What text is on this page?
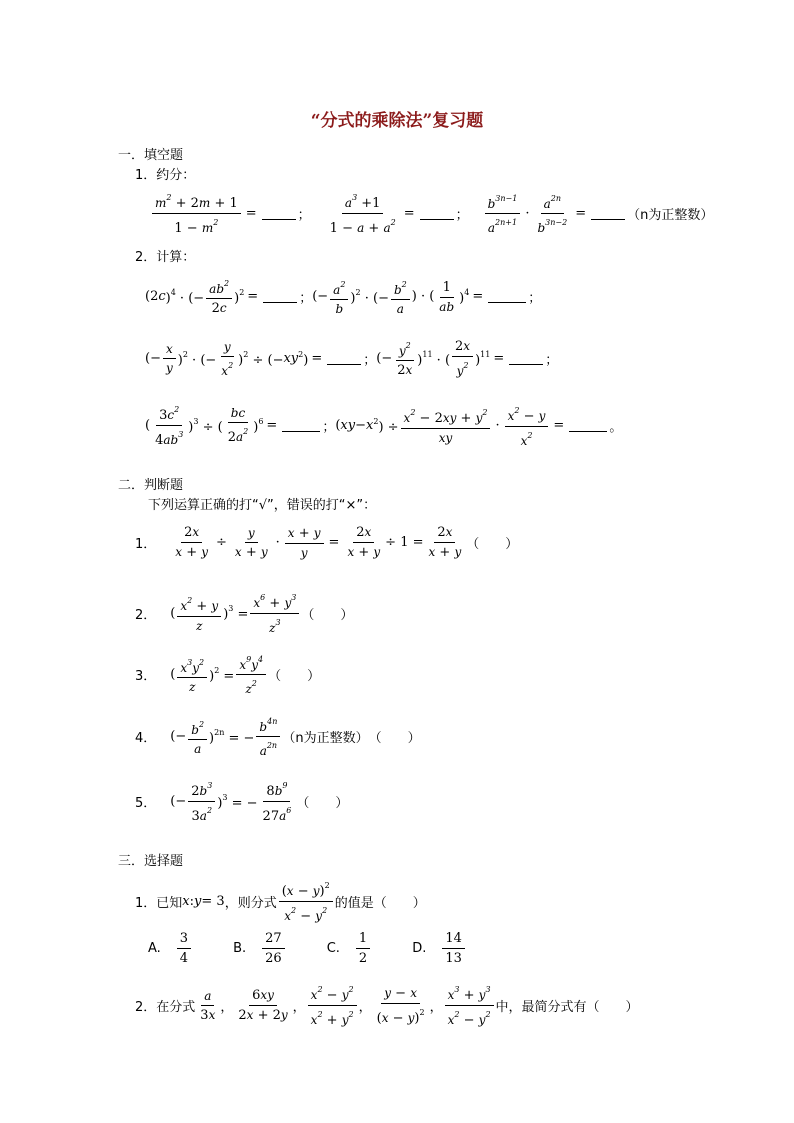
“分式的乘除法”复习题
一．填空题
1．约分：
$\frac{m^2 + 2m + 1}{1 - m^2}$ =	； $\frac{a^3 +1}{1 - a + a^2}$ =	； $\frac{b^{3n-1}}{a^{2n+1}} \cdot \frac{a^{2n}}{b^{3n-2}}$ =	（n为正整数）
2．计算：
(2 c )$^4$ · (− $\frac{ab^2}{2c} )^2$ =	； (− $\frac{a^2}{b} )^2$ · (− $\frac{b^2}{a}$ ) · ( $\frac{1}{ab} )^4$ =	；
(− $\frac{x}{y} )^2$ · (− $\frac{y}{x^2} )^2$ ÷ (− xy $^2$) =	； (− $\frac{y^2}{2x} )^{11}$ · ( $\frac{2x}{y^2} )^{11}$ =	；
( $\frac{3c^2}{4ab^3} )^3$ ÷ ( $\frac{bc}{2a^2} )^6$ =	； ( xy − x $^2) \div \frac{x^2 - 2xy + y^2}{xy} \cdot \frac{x^2 - y}{x^2}$ =	。
二．判断题
下列运算正确的打“√”，错误的打“×”：
1． $\frac{2x}{x + y} \div \frac{y}{x + y} \cdot \frac{x + y}{y} = \frac{2x}{x + y} \div 1 = \frac{2x}{x + y}$ （　　）
2． ( $\frac{x^2 + y}{z} )^3 = \frac{x^6 + y^3}{z^3}$ （　　）
3． ( $\frac{x^3y^2}{z} )^2 = \frac{x^9y^4}{z^2}$ （　　）
4． (− $\frac{b^2}{a} )^{2n}$ = − $\frac{b^{4n}}{a^{2n}} (n$为正整数） （　　）
5． (− $\frac{2b^3}{3a^2} )^3$ = − $\frac{8b^9}{27a^6}$ （　　）
三．选择题
1． 已知 x : y = 3 ，则分式 $\frac{(x - y)^2}{x^2 - y^2}$ 的值是（　　）
A. $\frac{3}{4}$	B. $\frac{27}{26}$	C. $\frac{1}{2}$	D. $\frac{14}{13}$
2． 在分式 $\frac{a}{3x}$ ， $\frac{6xy}{2x + 2y}$ ， $\frac{x^2 - y^2}{x^2 + y^2}$ ， $\frac{y - x}{(x - y)^2}$ ， $\frac{x^3 + y^3}{x^2 - y^2}$ 中，最简分式有（　　）
